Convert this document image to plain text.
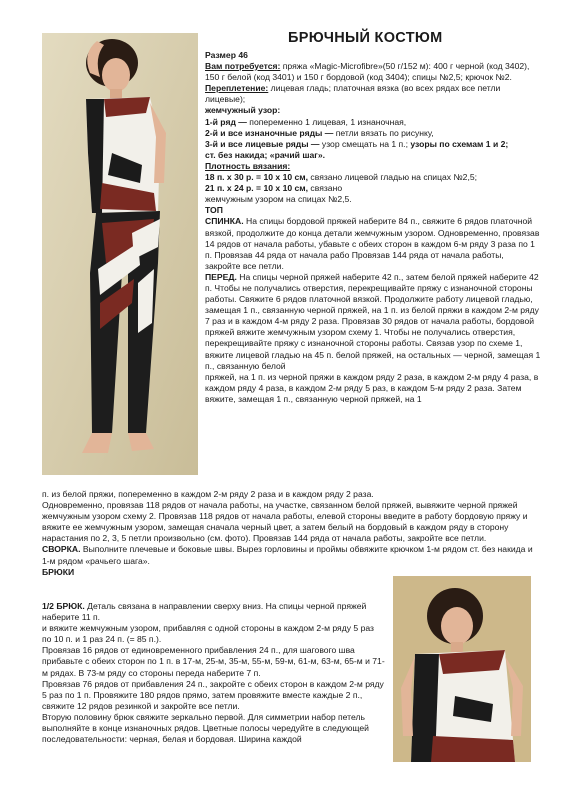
БРЮЧНЫЙ КОСТЮМ

Размер 46

Вам потребуется: пряжа «Magic-Microfibre»(50 г/152 м): 400 г черной (код 3402), 150 г белой (код 3401) и 150 г бордовой (код 3404); спицы №2,5; крючок №2.

Переплетение: лицевая гладь; платочная вязка (во всех рядах все петли лицевые);

жемчужный узор:

1-й ряд — попеременно 1 лицевая, 1 изнаночная,

2-й и все изнаночные ряды — петли вязать по рисунку,

3-й и все лицевые ряды — узор смещать на 1 п.; узоры по схемам 1 и 2;

ст. без накида; «рачий шаг».

Плотность вязания:

18 п. х 30 р. = 10 х 10 см, связано лицевой гладью на спицах №2,5;

21 п. х 24 р. = 10 х 10 см, связано

жемчужным узором на спицах №2,5.

ТОП

СПИНКА. На спицы бордовой пряжей наберите 84 п., свяжите 6 рядов платочной вязкой, продолжите до конца детали жемчужным узором. Одновременно, провязав 14 рядов от начала работы, убавьте с обеих сторон в каждом 6-м ряду 3 раза по 1 п. Провязав 44 ряда от начала рабо Провязав 144 ряда от начала работы, закройте все петли.

ПЕРЕД. На спицы черной пряжей наберите 42 п., затем белой пряжей наберите 42 п. Чтобы не получались отверстия, перекрещивайте пряжу с изнаночной стороны работы. Свяжите 6 рядов платочной вязкой. Продолжите работу лицевой гладью, замещая 1 п., связанную черной пряжей, на 1 п. из белой пряжи в каждом 2-м ряду 7 раз и в каждом 4-м ряду 2 раза. Провязав 30 рядов от начала работы, бордовой пряжей вяжите жемчужным узором схему 1. Чтобы не получались отверстия, перекрещивайте пряжу с изнаночной стороны работы. Связав узор по схеме 1, вяжите лицевой гладью на 45 п. белой пряжей, на остальных — черной, замещая 1 п., связанную белой

пряжей, на 1 п. из черной пряжи в каждом ряду 2 раза, в каждом 2-м ряду 4 раза, в каждом ряду 4 раза, в каждом 2-м ряду 5 раз, в каждом 5-м ряду 2 раза. Затем вяжите, замещая 1 п., связанную черной пряжей, на 1

п. из белой пряжи, попеременно в каждом 2-м ряду 2 раза и в каждом ряду 2 раза.

Одновременно, провязав 118 рядов от начала работы, на участке, связанном белой пряжей, вывяжите черной пряжей жемчужным узором схему 2. Провязав 118 рядов от начала работы, елевой стороны введите в работу бордовую пряжу и вяжите ее жемчужным узором, замещая сначала черный цвет, а затем белый на бордовый в каждом ряду в сторону нарастания по 2, 3, 5 петли произвольно (см. фото). Провязав 144 ряда от начала работы, закройте все петли.

СВОРКА. Выполните плечевые и боковые швы. Вырез горловины и проймы обвяжите крючком 1-м рядом ст. без накида и 1-м рядом «рачьего шага».

БРЮКИ

1/2 БРЮК. Деталь связана в направлении сверху вниз. На спицы черной пряжей наберите 11 п.

и вяжите жемчужным узором, прибавляя с одной стороны в каждом 2-м ряду 5 раз по 10 п. и 1 раз 24 п. (= 85 п.).

Провязав 16 рядов от единовременного прибавления 24 п., для шагового шва прибавьте с обеих сторон по 1 п. в 17-м, 25-м, 35-м, 55-м, 59-м, 61-м, 63-м, 65-м и 71-м рядах. В 73-м ряду со стороны переда наберите 7 п.

Провязав 76 рядов от прибавления 24 п., закройте с обеих сторон в каждом 2-м ряду 5 раз по 1 п. Провяжите 180 рядов прямо, затем провяжите вместе каждые 2 п., свяжите 12 рядов резинкой и закройте все петли.

Вторую половину брюк свяжите зеркально первой. Для симметрии набор петель выполняйте в конце изнаночных рядов. Цветные полосы чередуйте в следующей последовательности: черная, белая и бордовая. Ширина каждой
